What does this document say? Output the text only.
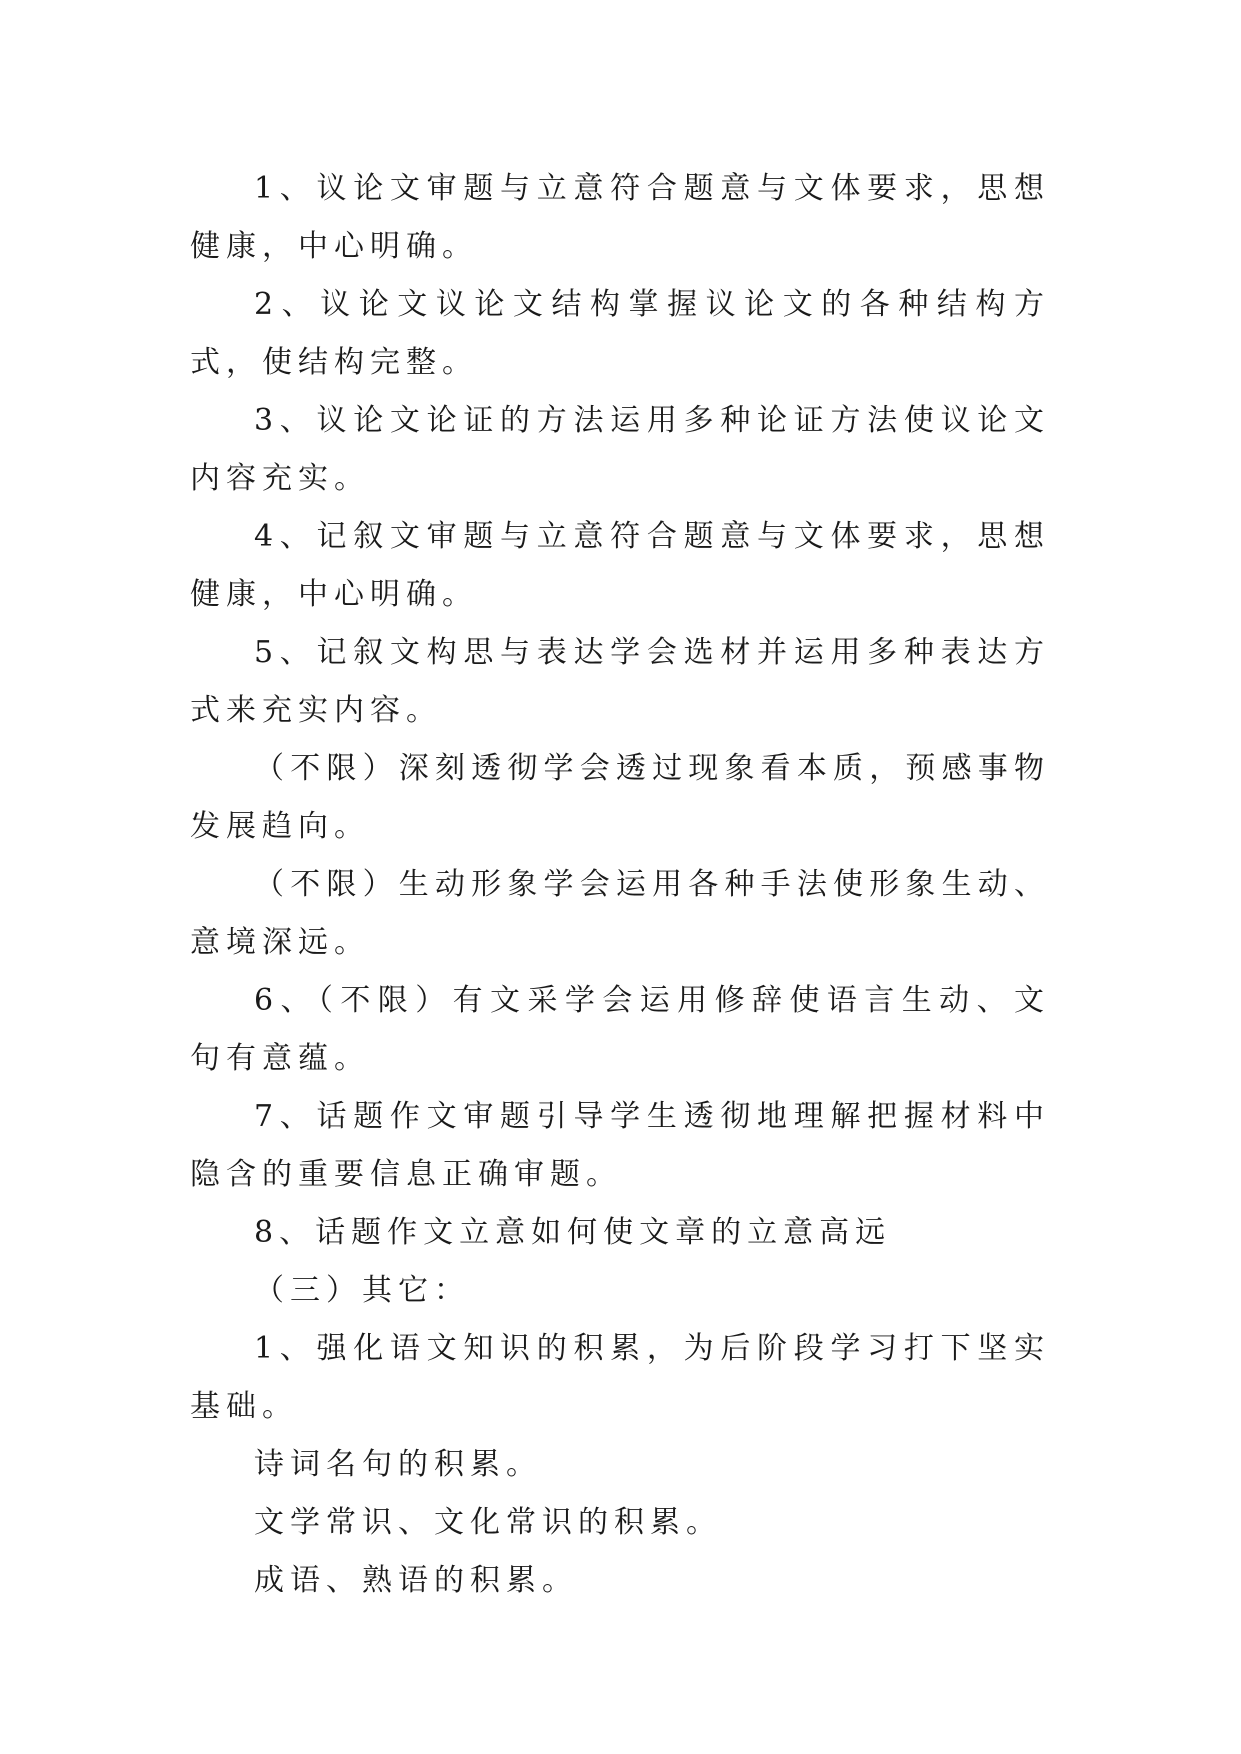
1、议论文审题与立意符合题意与文体要求，思想健康，中心明确。

2、议论文议论文结构掌握议论文的各种结构方式，使结构完整。

3、议论文论证的方法运用多种论证方法使议论文内容充实。

4、记叙文审题与立意符合题意与文体要求，思想健康，中心明确。

5、记叙文构思与表达学会选材并运用多种表达方式来充实内容。

（不限）深刻透彻学会透过现象看本质，预感事物发展趋向。

（不限）生动形象学会运用各种手法使形象生动、意境深远。

6、（不限）有文采学会运用修辞使语言生动、文句有意蕴。

7、话题作文审题引导学生透彻地理解把握材料中隐含的重要信息正确审题。

8、话题作文立意如何使文章的立意高远

（三）其它：

1、强化语文知识的积累，为后阶段学习打下坚实基础。

诗词名句的积累。

文学常识、文化常识的积累。

成语、熟语的积累。
